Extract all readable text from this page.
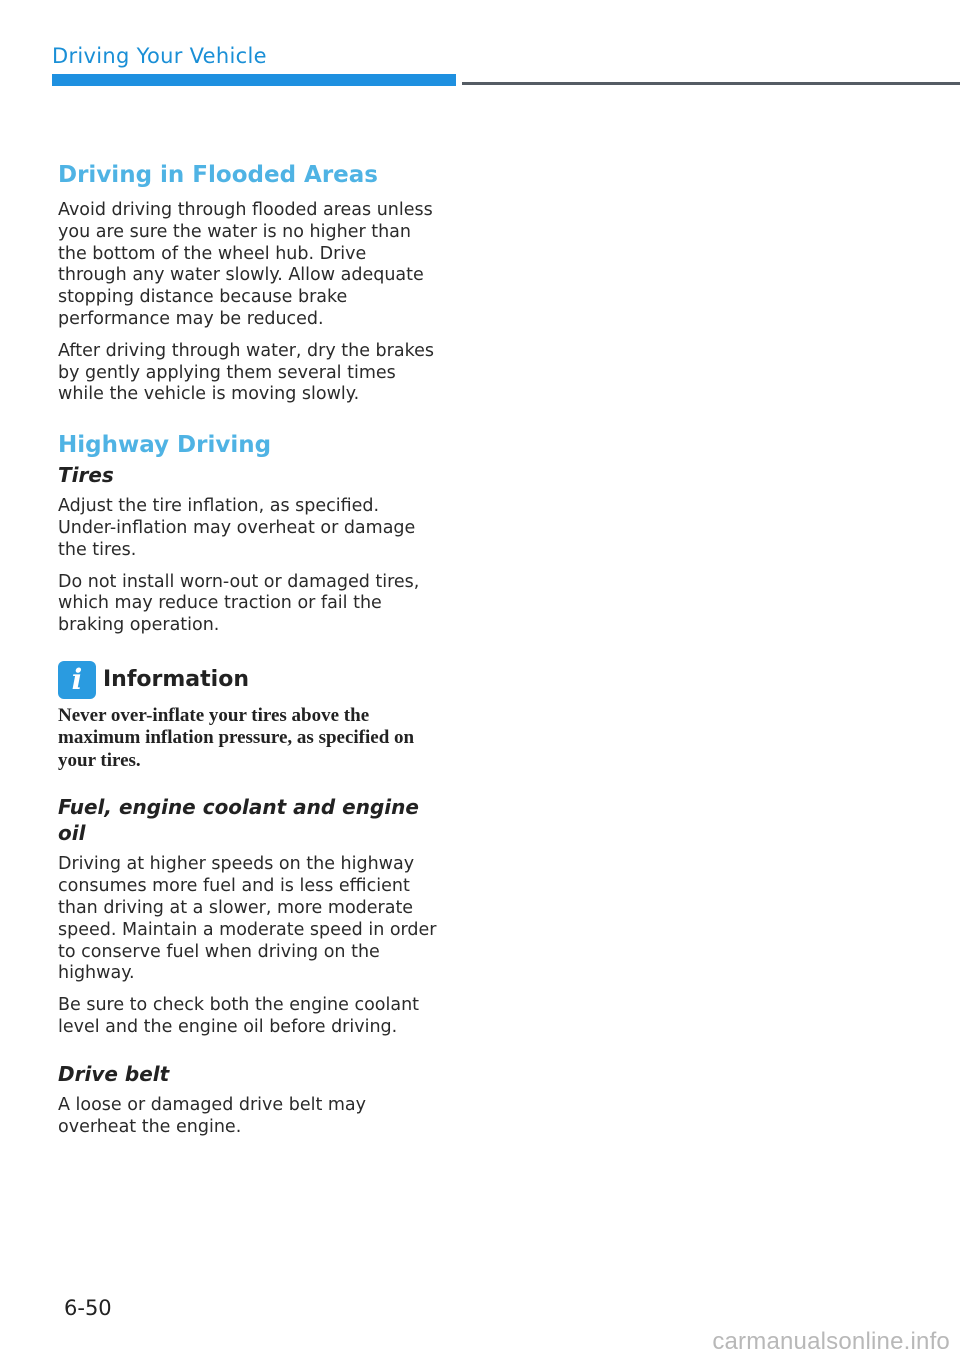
Driving Your Vehicle
Driving in Flooded Areas

Avoid driving through flooded areas unless you are sure the water is no higher than the bottom of the wheel hub. Drive through any water slowly. Allow adequate stopping distance because brake performance may be reduced.

After driving through water, dry the brakes by gently applying them several times while the vehicle is moving slowly.

Highway Driving
Tires

Adjust the tire inflation, as specified. Under-inflation may overheat or damage the tires.

Do not install worn-out or damaged tires, which may reduce traction or fail the braking operation.

i Information

Never over-inflate your tires above the maximum inflation pressure, as specified on your tires.

Fuel, engine coolant and engine oil

Driving at higher speeds on the highway consumes more fuel and is less efficient than driving at a slower, more moderate speed. Maintain a moderate speed in order to conserve fuel when driving on the highway.

Be sure to check both the engine coolant level and the engine oil before driving.

Drive belt

A loose or damaged drive belt may overheat the engine.

6-50
carmanualsonline.info
